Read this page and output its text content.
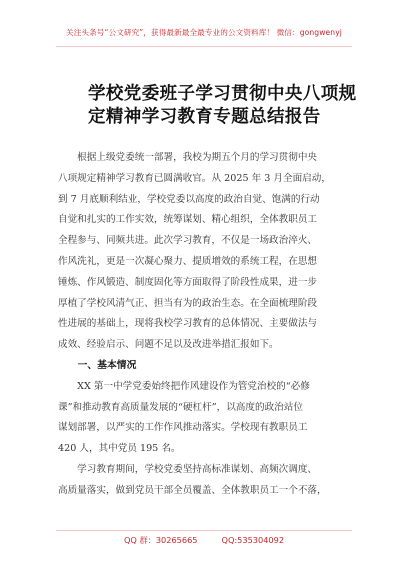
关注头条号“公文研究”，获得最新最全最专业的公文资料库！ 微信：gongwenyj
学校党委班子学习贯彻中央八项规
定精神学习教育专题总结报告

　　根据上级党委统一部署，我校为期五个月的学习贯彻中央
八项规定精神学习教育已圆满收官。从 2025 年 3 月全面启动，
到 7 月底顺利结业，学校党委以高度的政治自觉、饱满的行动
自觉和扎实的工作实效，统筹谋划、精心组织，全体教职员工
全程参与、同频共进。此次学习教育，不仅是一场政治淬火、
作风洗礼，更是一次凝心聚力、提质增效的系统工程，在思想
锤炼、作风锻造、制度固化等方面取得了阶段性成果，进一步
厚植了学校风清气正、担当有为的政治生态。在全面梳理阶段
性进展的基础上，现将我校学习教育的总体情况、主要做法与
成效、经验启示、问题不足以及改进举措汇报如下。

　　一、基本情况

　　XX 第一中学党委始终把作风建设作为管党治校的“必修
课”和推动教育高质量发展的“硬杠杆”，以高度的政治站位
谋划部署，以严实的工作作风推动落实。学校现有教职员工
420 人，其中党员 195 名。

　　学习教育期间，学校党委坚持高标准谋划、高频次调度、
高质量落实，做到党员干部全员覆盖、全体教职员工一个不落，

QQ 群：30265665	QQ:535304092
